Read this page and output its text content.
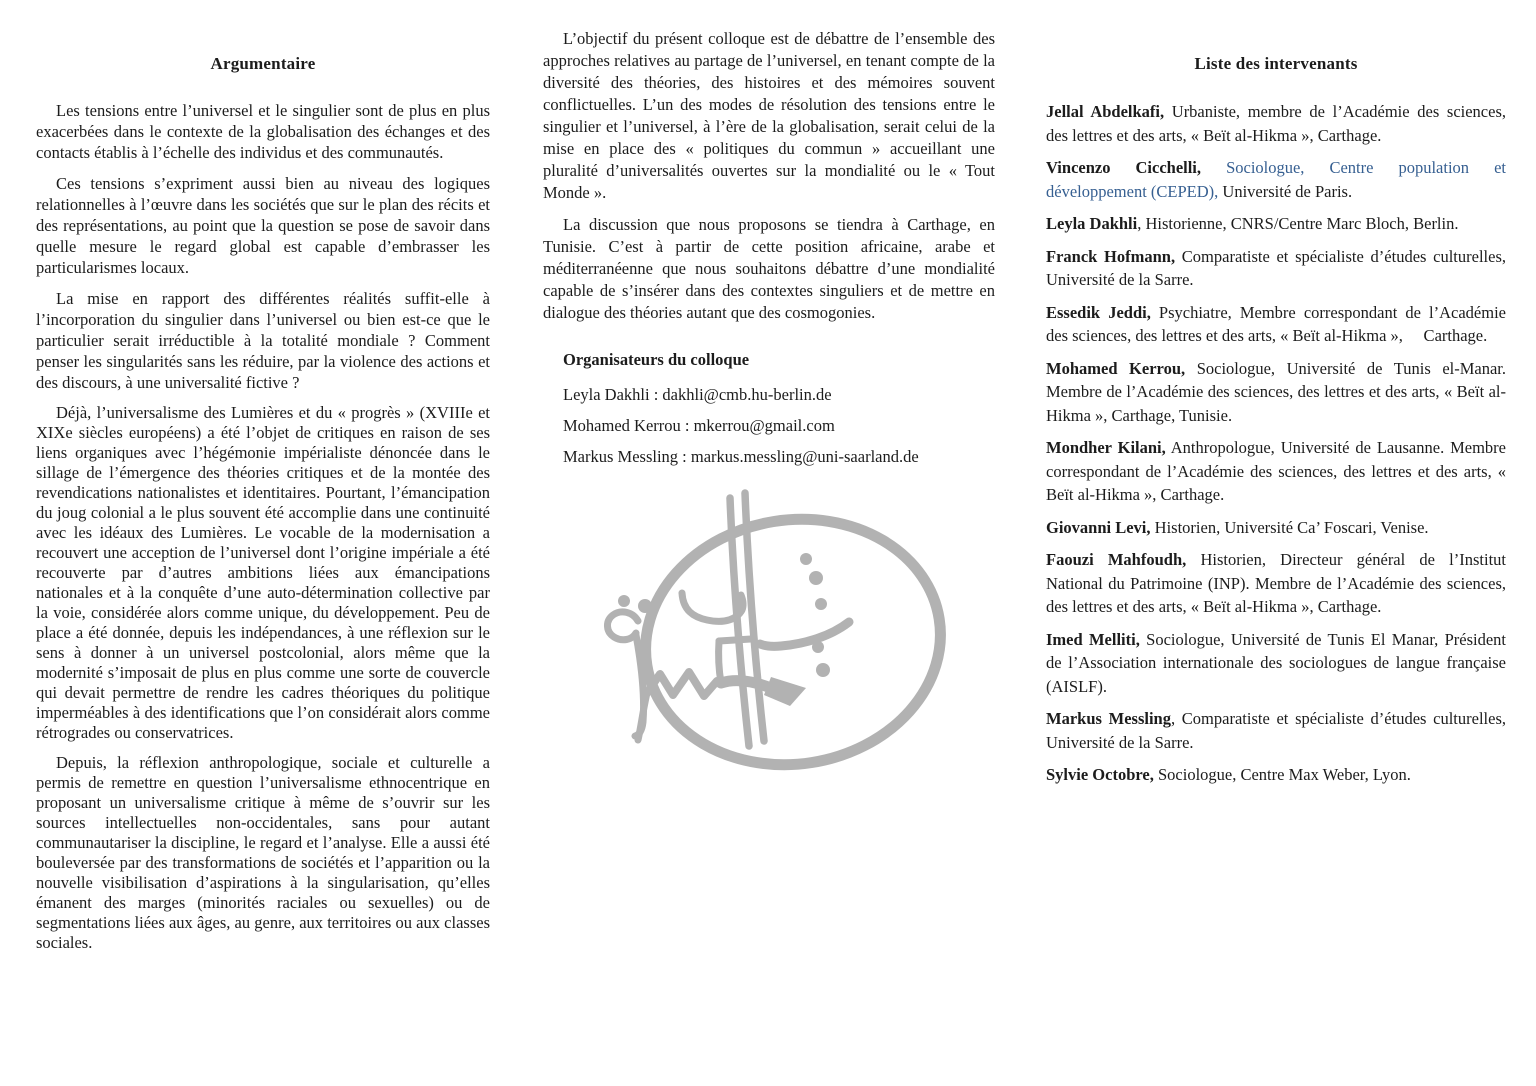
Argumentaire

Les tensions entre l’universel et le singulier sont de plus en plus exacerbées dans le contexte de la globalisation des échanges et des contacts établis à l’échelle des individus et des communautés.

Ces tensions s’expriment aussi bien au niveau des logiques relationnelles à l’œuvre dans les sociétés que sur le plan des récits et des représentations, au point que la question se pose de savoir dans quelle mesure le regard global est capable d’embrasser les particularismes locaux.

La mise en rapport des différentes réalités suffit-elle à l’incorporation du singulier dans l’universel ou bien est-ce que le particulier serait irréductible à la totalité mondiale ? Comment penser les singularités sans les réduire, par la violence des actions et des discours, à une universalité fictive ?

Déjà, l’universalisme des Lumières et du « progrès » (XVIIIe et XIXe siècles européens) a été l’objet de critiques en raison de ses liens organiques avec l’hégémonie impérialiste dénoncée dans le sillage de l’émergence des théories critiques et de la montée des revendications nationalistes et identitaires. Pourtant, l’émancipation du joug colonial a le plus souvent été accomplie dans une continuité avec les idéaux des Lumières. Le vocable de la modernisation a recouvert une acception de l’universel dont l’origine impériale a été recouverte par d’autres ambitions liées aux émancipations nationales et à la conquête d’une auto-détermination collective par la voie, considérée alors comme unique, du développement. Peu de place a été donnée, depuis les indépendances, à une réflexion sur le sens à donner à un universel postcolonial, alors même que la modernité s’imposait de plus en plus comme une sorte de couvercle qui devait permettre de rendre les cadres théoriques du politique imperméables à des identifications que l’on considérait alors comme rétrogrades ou conservatrices.

Depuis, la réflexion anthropologique, sociale et culturelle a permis de remettre en question l’universalisme ethnocentrique en proposant un universalisme critique à même de s’ouvrir sur les sources intellectuelles non-occidentales, sans pour autant communautariser la discipline, le regard et l’analyse. Elle a aussi été bouleversée par des transformations de sociétés et l’apparition ou la nouvelle visibilisation d’aspirations à la singularisation, qu’elles émanent des marges (minorités raciales ou sexuelles) ou de segmentations liées aux âges, au genre, aux territoires ou aux classes sociales.

L’objectif du présent colloque est de débattre de l’ensemble des approches relatives au partage de l’universel, en tenant compte de la diversité des théories, des histoires et des mémoires souvent conflictuelles. L’un des modes de résolution des tensions entre le singulier et l’universel, à l’ère de la globalisation, serait celui de la mise en place des « politiques du commun » accueillant une pluralité d’universalités ouvertes sur la mondialité ou le « Tout Monde ».

La discussion que nous proposons se tiendra à Carthage, en Tunisie. C’est à partir de cette position africaine, arabe et méditerranéenne que nous souhaitons débattre d’une mondialité capable de s’insérer dans des contextes singuliers et de mettre en dialogue des théories autant que des cosmogonies.

Organisateurs du colloque

Leyla Dakhli : dakhli@cmb.hu-berlin.de

Mohamed Kerrou : mkerrou@gmail.com

Markus Messling : markus.messling@uni-saarland.de

Liste des intervenants

Jellal Abdelkafi, Urbaniste, membre de l’Académie des sciences, des lettres et des arts, « Beït al-Hikma », Carthage.

Vincenzo Cicchelli, Sociologue, Centre population et développement (CEPED), Université de Paris.

Leyla Dakhli, Historienne, CNRS/Centre Marc Bloch, Berlin.

Franck Hofmann, Comparatiste et spécialiste d’études culturelles, Université de la Sarre.

Essedik Jeddi, Psychiatre, Membre correspondant de l’Académie des sciences, des lettres et des arts, « Beït al-Hikma »,     Carthage.

Mohamed Kerrou, Sociologue, Université de Tunis el-Manar. Membre de l’Académie des sciences, des lettres et des arts, « Beït al-Hikma », Carthage, Tunisie.

Mondher Kilani, Anthropologue, Université de Lausanne. Membre correspondant de l’Académie des sciences, des lettres et des arts, « Beït al-Hikma », Carthage.

Giovanni Levi, Historien, Université Ca’ Foscari, Venise.

Faouzi Mahfoudh, Historien, Directeur général de l’Institut National du Patrimoine (INP). Membre de l’Académie des sciences, des lettres et des arts, « Beït al-Hikma », Carthage.

Imed Melliti, Sociologue, Université de Tunis El Manar, Président de l’Association internationale des sociologues de langue française (AISLF).

Markus Messling, Comparatiste et spécialiste d’études culturelles, Université de la Sarre.

Sylvie Octobre, Sociologue, Centre Max Weber, Lyon.
